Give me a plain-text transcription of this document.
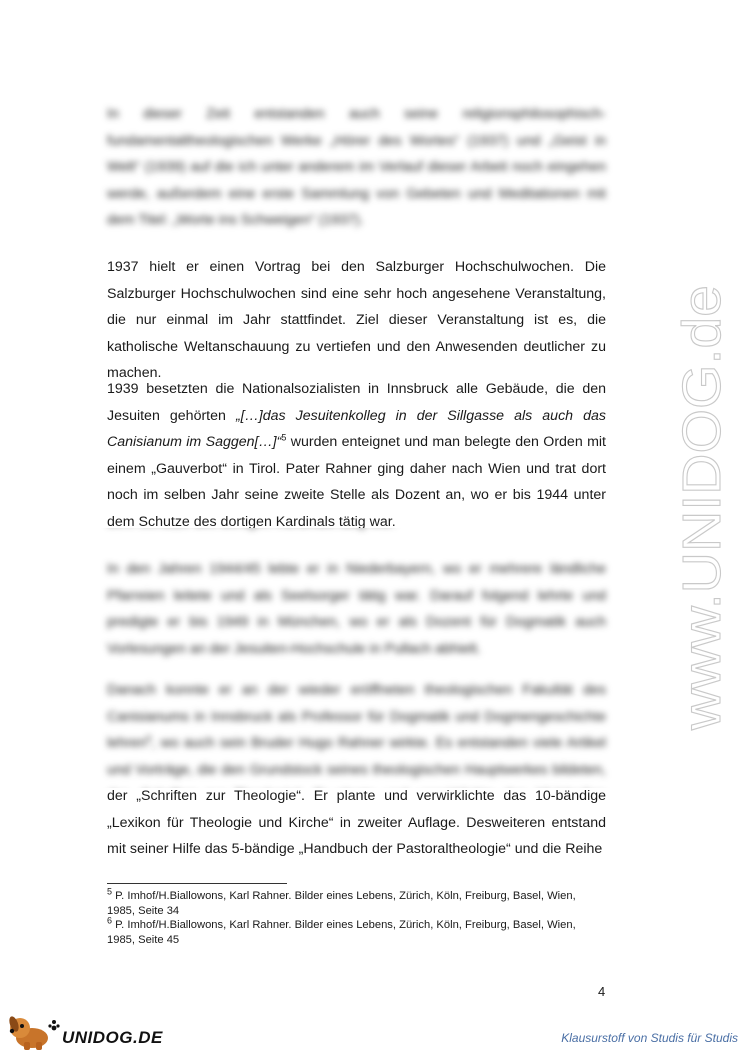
In dieser Zeit entstanden auch seine religionsphilosophisch-fundamentaltheologischen Werke „Hörer des Wortes“ (1937) und „Geist in Welt“ (1939) auf die ich unter anderem im Verlauf dieser Arbeit noch eingehen werde, außerdem eine erste Sammlung von Gebeten und Meditationen mit dem Titel: „Worte ins Schweigen“ (1937).
1937 hielt er einen Vortrag bei den Salzburger Hochschulwochen. Die Salzburger Hochschulwochen sind eine sehr hoch angesehene Veranstaltung, die nur einmal im Jahr stattfindet. Ziel dieser Veranstaltung ist es, die katholische Weltanschauung zu vertiefen und den Anwesenden deutlicher zu machen.
1939 besetzten die Nationalsozialisten in Innsbruck alle Gebäude, die den Jesuiten gehörten „[…]das Jesuitenkolleg in der Sillgasse als auch das Canisianum im Saggen[…]“$^5$ wurden enteignet und man belegte den Orden mit einem „Gauverbot“ in Tirol. Pater Rahner ging daher nach Wien und trat dort noch im selben Jahr seine zweite Stelle als Dozent an, wo er bis 1944 unter dem Schutze des dortigen Kardinals tätig war.
In den Jahren 1944/45 lebte er in Niederbayern, wo er mehrere ländliche Pfarreien leitete und als Seelsorger tätig war. Darauf folgend lehrte und predigte er bis 1949 in München, wo er als Dozent für Dogmatik auch Vorlesungen an der Jesuiten-Hochschule in Pullach abhielt.
Danach konnte er an der wieder eröffneten theologischen Fakultät des Canisianums in Innsbruck als Professor für Dogmatik und Dogmengeschichte lehren$^6$, wo auch sein Bruder Hugo Rahner wirkte. Es entstanden viele Artikel und Vorträge, die den Grundstock seines theologischen Hauptwerkes bildeten,
der „Schriften zur Theologie“. Er plante und verwirklichte das 10-bändige „Lexikon für Theologie und Kirche“ in zweiter Auflage. Desweiteren entstand mit seiner Hilfe das 5-bändige „Handbuch der Pastoraltheologie“ und die Reihe
$^5$ P. Imhof/H.Biallowons, Karl Rahner. Bilder eines Lebens, Zürich, Köln, Freiburg, Basel, Wien, 1985, Seite 34
$^6$ P. Imhof/H.Biallowons, Karl Rahner. Bilder eines Lebens, Zürich, Köln, Freiburg, Basel, Wien, 1985, Seite 45
4
www.UNIDOG.de
UNIDOG.DE	Klausurstoff von Studis für Studis
